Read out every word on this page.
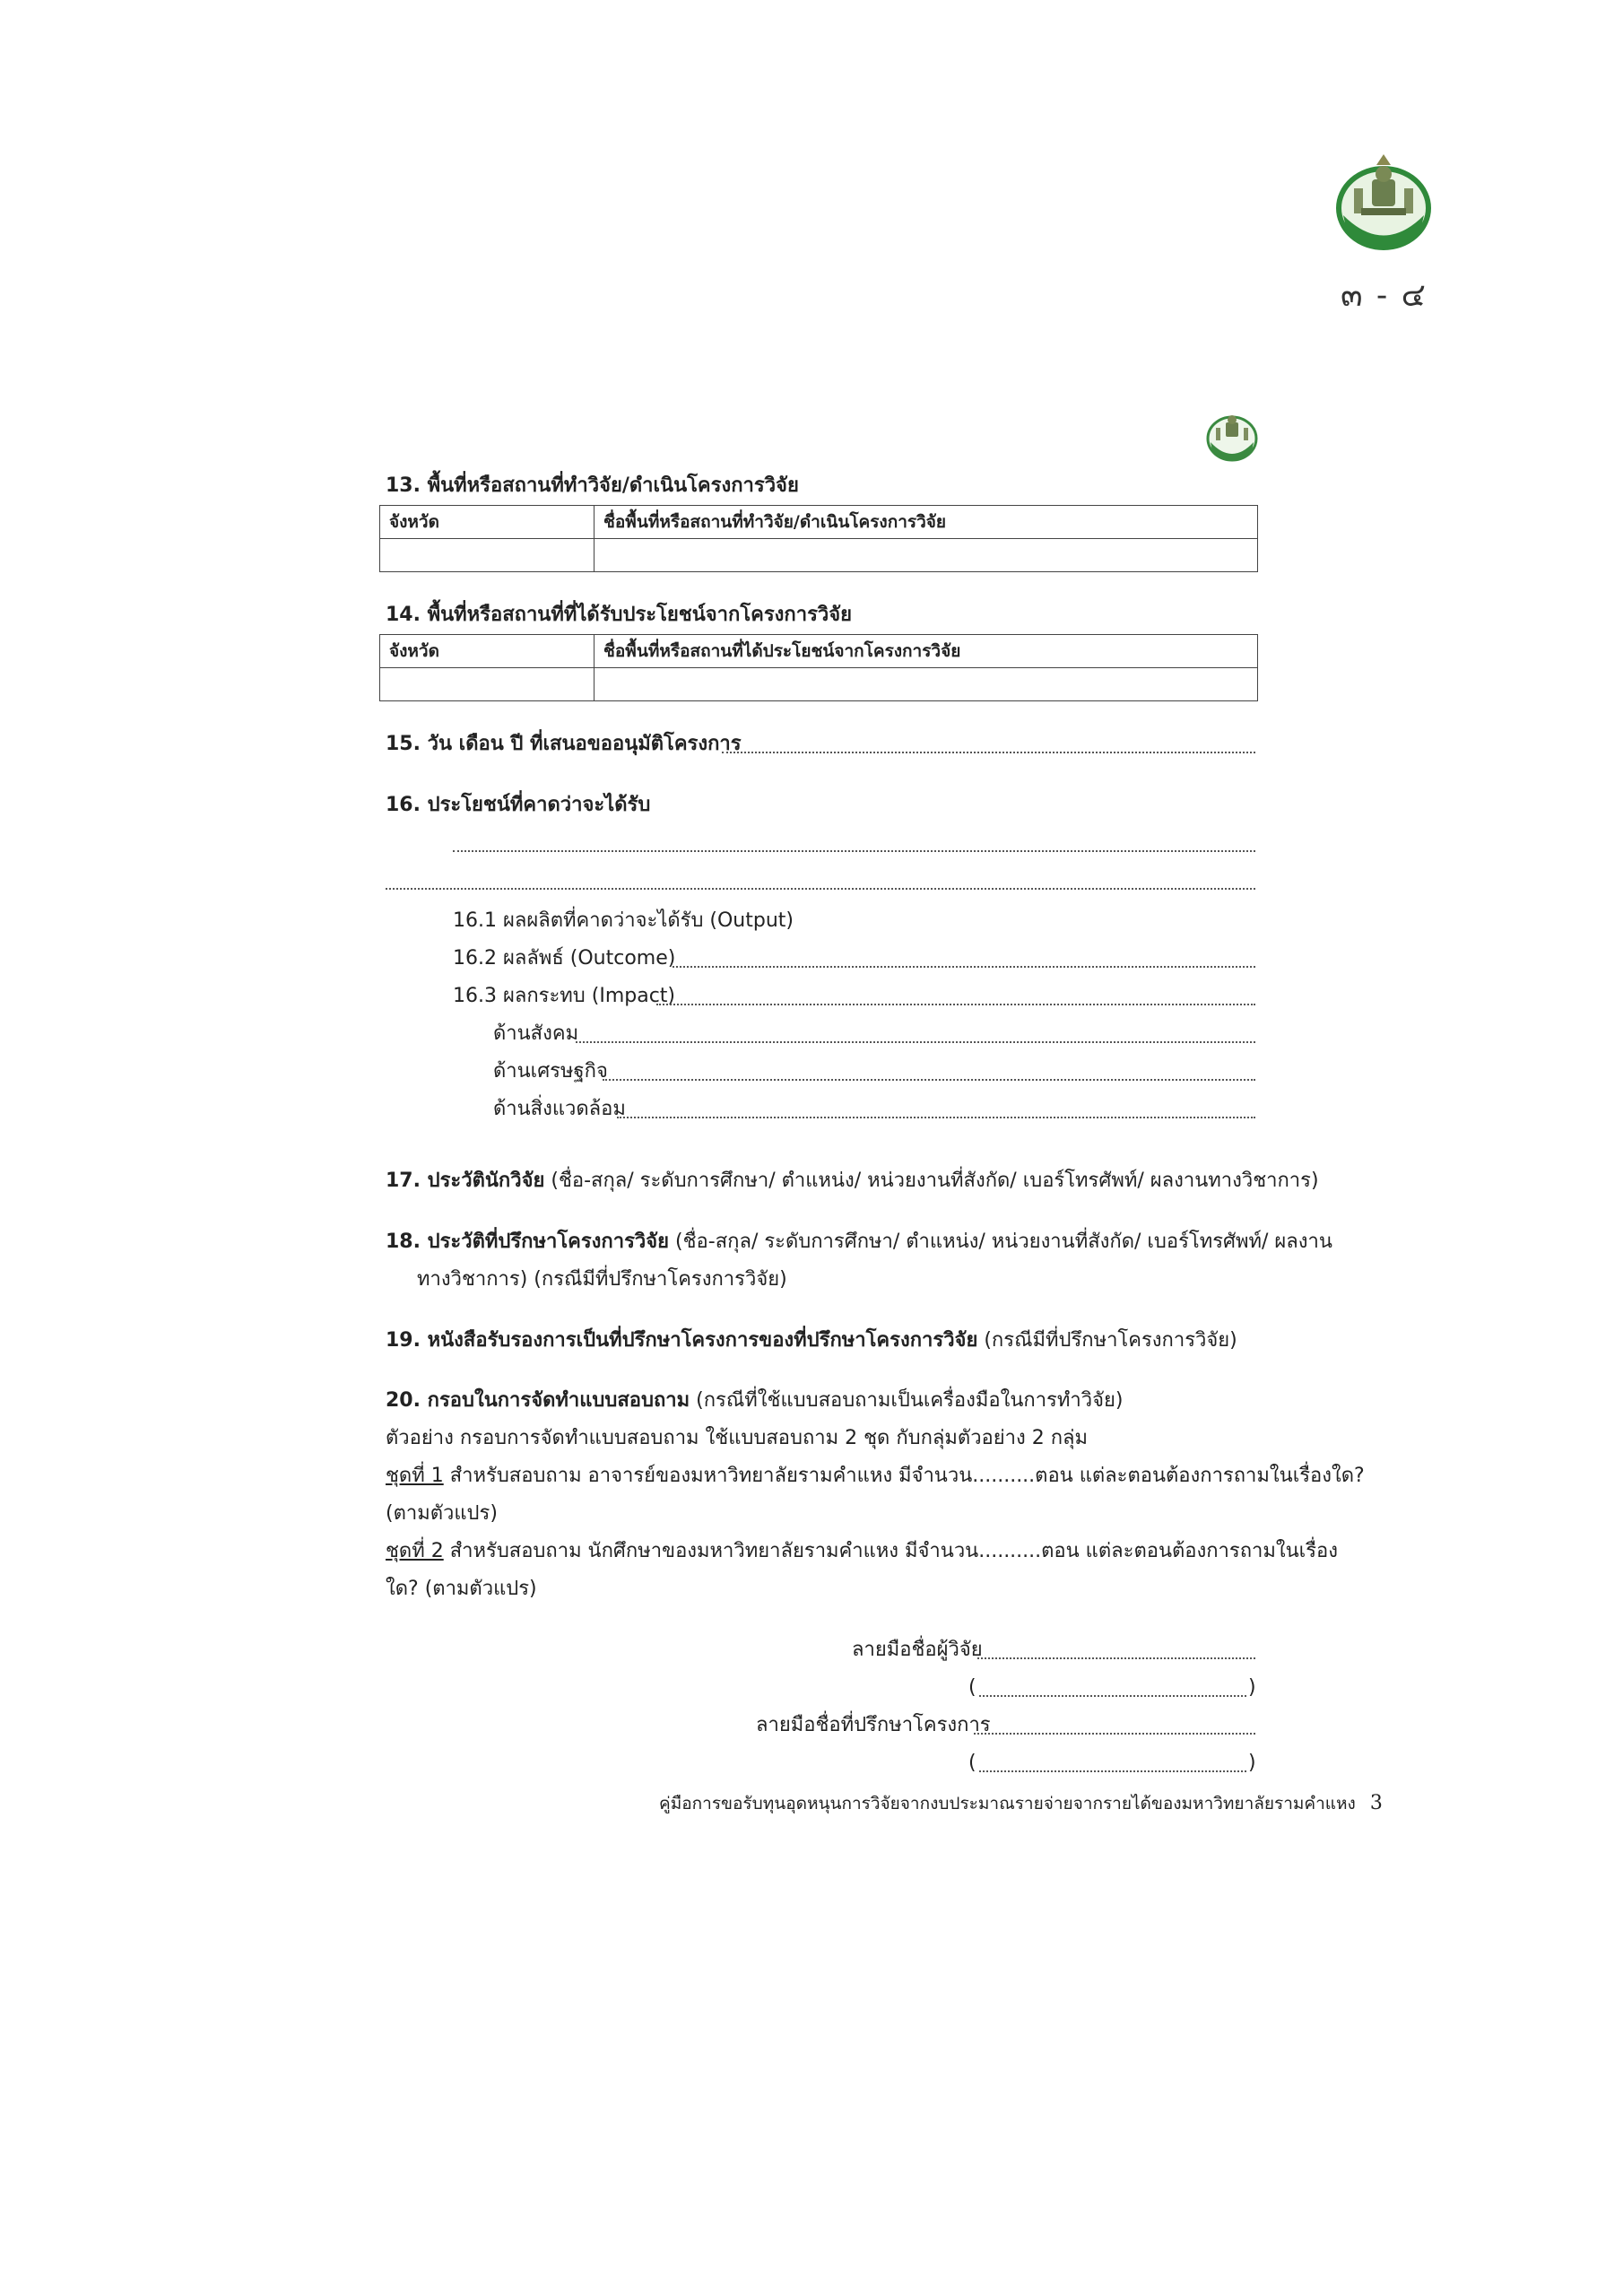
๓ - ๔
13. พื้นที่หรือสถานที่ทำวิจัย/ดำเนินโครงการวิจัย
จังหวัด	ชื่อพื้นที่หรือสถานที่ทำวิจัย/ดำเนินโครงการวิจัย

14. พื้นที่หรือสถานที่ที่ได้รับประโยชน์จากโครงการวิจัย
จังหวัด	ชื่อพื้นที่หรือสถานที่ได้ประโยชน์จากโครงการวิจัย

15. วัน เดือน ปี ที่เสนอขออนุมัติโครงการ
16. ประโยชน์ที่คาดว่าจะได้รับ
16.1 ผลผลิตที่คาดว่าจะได้รับ (Output)
16.2 ผลลัพธ์ (Outcome)
16.3 ผลกระทบ (Impact)
ด้านสังคม
ด้านเศรษฐกิจ
ด้านสิ่งแวดล้อม
17. ประวัตินักวิจัย (ชื่อ-สกุล/ ระดับการศึกษา/ ตำแหน่ง/ หน่วยงานที่สังกัด/ เบอร์โทรศัพท์/ ผลงานทางวิชาการ)
18. ประวัติที่ปรึกษาโครงการวิจัย (ชื่อ-สกุล/ ระดับการศึกษา/ ตำแหน่ง/ หน่วยงานที่สังกัด/ เบอร์โทรศัพท์/ ผลงาน
ทางวิชาการ) (กรณีมีที่ปรึกษาโครงการวิจัย)
19. หนังสือรับรองการเป็นที่ปรึกษาโครงการของที่ปรึกษาโครงการวิจัย (กรณีมีที่ปรึกษาโครงการวิจัย)
20. กรอบในการจัดทำแบบสอบถาม (กรณีที่ใช้แบบสอบถามเป็นเครื่องมือในการทำวิจัย)
ตัวอย่าง กรอบการจัดทำแบบสอบถาม ใช้แบบสอบถาม 2 ชุด กับกลุ่มตัวอย่าง 2 กลุ่ม
ชุดที่ 1 สำหรับสอบถาม อาจารย์ของมหาวิทยาลัยรามคำแหง มีจำนวน..........ตอน แต่ละตอนต้องการถามในเรื่องใด?
(ตามตัวแปร)
ชุดที่ 2 สำหรับสอบถาม นักศึกษาของมหาวิทยาลัยรามคำแหง มีจำนวน..........ตอน แต่ละตอนต้องการถามในเรื่อง
ใด? (ตามตัวแปร)
ลายมือชื่อผู้วิจัย
(	)
ลายมือชื่อที่ปรึกษาโครงการ
(	)
คู่มือการขอรับทุนอุดหนุนการวิจัยจากงบประมาณรายจ่ายจากรายได้ของมหาวิทยาลัยรามคำแหง 3
